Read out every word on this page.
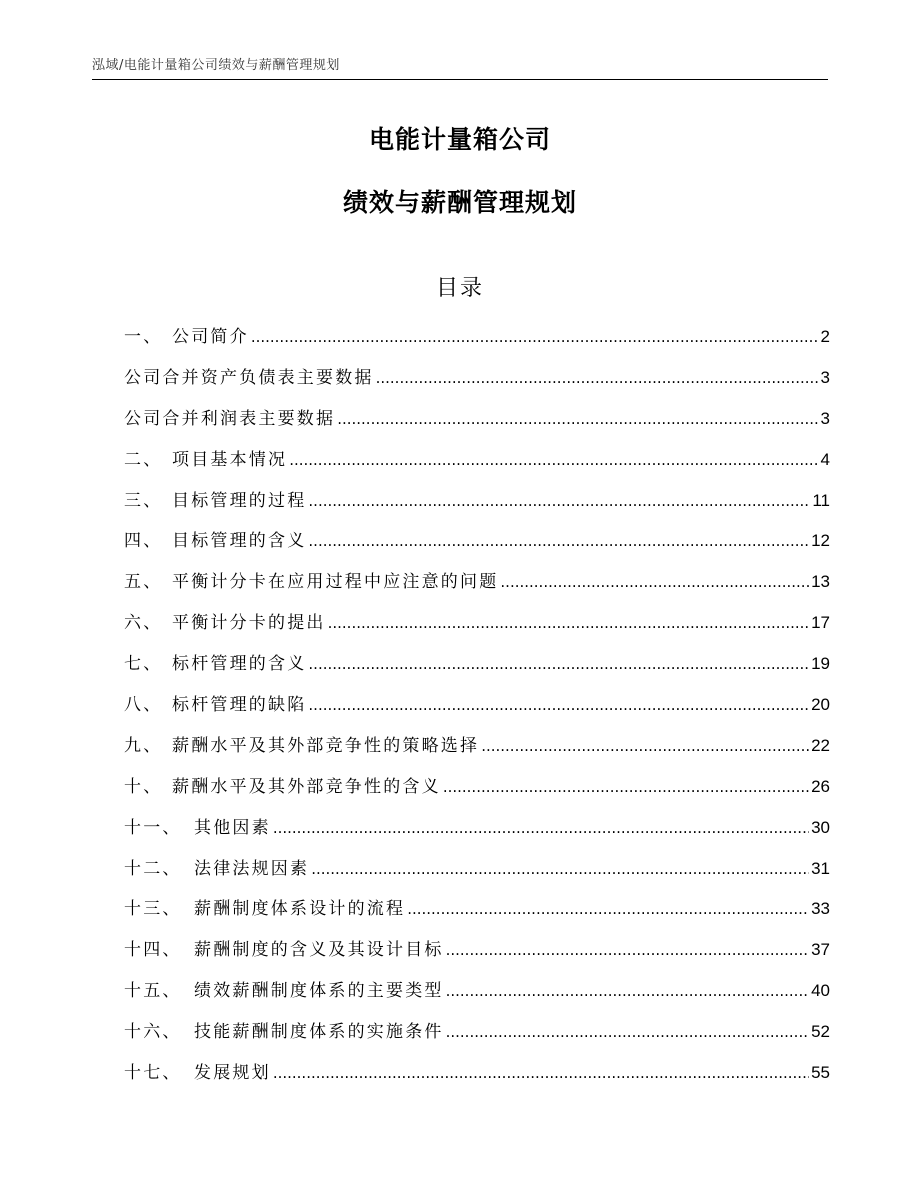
泓域/电能计量箱公司绩效与薪酬管理规划
电能计量箱公司
绩效与薪酬管理规划
目录
一、 公司简介 .....	2
公司合并资产负债表主要数据 .....	3
公司合并利润表主要数据 .....	3
二、 项目基本情况 .....	4
三、 目标管理的过程 .....	11
四、 目标管理的含义 .....	12
五、 平衡计分卡在应用过程中应注意的问题 .....	13
六、 平衡计分卡的提出 .....	17
七、 标杆管理的含义 .....	19
八、 标杆管理的缺陷 .....	20
九、 薪酬水平及其外部竞争性的策略选择 .....	22
十、 薪酬水平及其外部竞争性的含义 .....	26
十一、 其他因素 .....	30
十二、 法律法规因素 .....	31
十三、 薪酬制度体系设计的流程 .....	33
十四、 薪酬制度的含义及其设计目标 .....	37
十五、 绩效薪酬制度体系的主要类型 .....	40
十六、 技能薪酬制度体系的实施条件 .....	52
十七、 发展规划 .....	55
